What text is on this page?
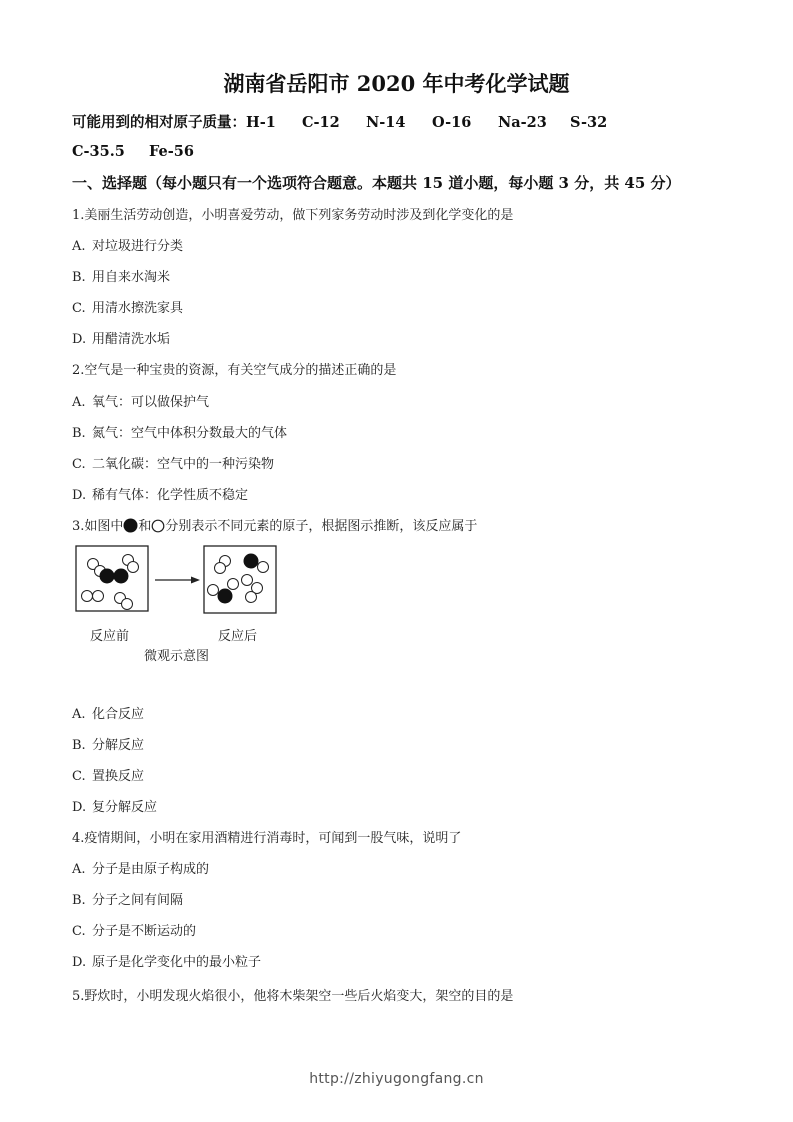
湖南省岳阳市 2020 年中考化学试题
可能用到的相对原子质量：H-1 C-12 N-14 O-16 Na-23 S-32
C-35.5 Fe-56
一、选择题（每小题只有一个选项符合题意。本题共 15 道小题，每小题 3 分，共 45 分）
1.美丽生活劳动创造，小明喜爱劳动，做下列家务劳动时涉及到化学变化的是
A. 对垃圾进行分类
B. 用自来水淘米
C. 用清水擦洗家具
D. 用醋清洗水垢
2.空气是一种宝贵的资源，有关空气成分的描述正确的是
A. 氧气：可以做保护气
B. 氮气：空气中体积分数最大的气体
C. 二氧化碳：空气中的一种污染物
D. 稀有气体：化学性质不稳定
3.如图中 和 分别表示不同元素的原子，根据图示推断，该反应属于
反应前	反应后
微观示意图
A. 化合反应
B. 分解反应
C. 置换反应
D. 复分解反应
4.疫情期间，小明在家用酒精进行消毒时，可闻到一股气味，说明了
A. 分子是由原子构成的
B. 分子之间有间隔
C. 分子是不断运动的
D. 原子是化学变化中的最小粒子
5.野炊时，小明发现火焰很小，他将木柴架空一些后火焰变大，架空的目的是
http://zhiyugongfang.cn
